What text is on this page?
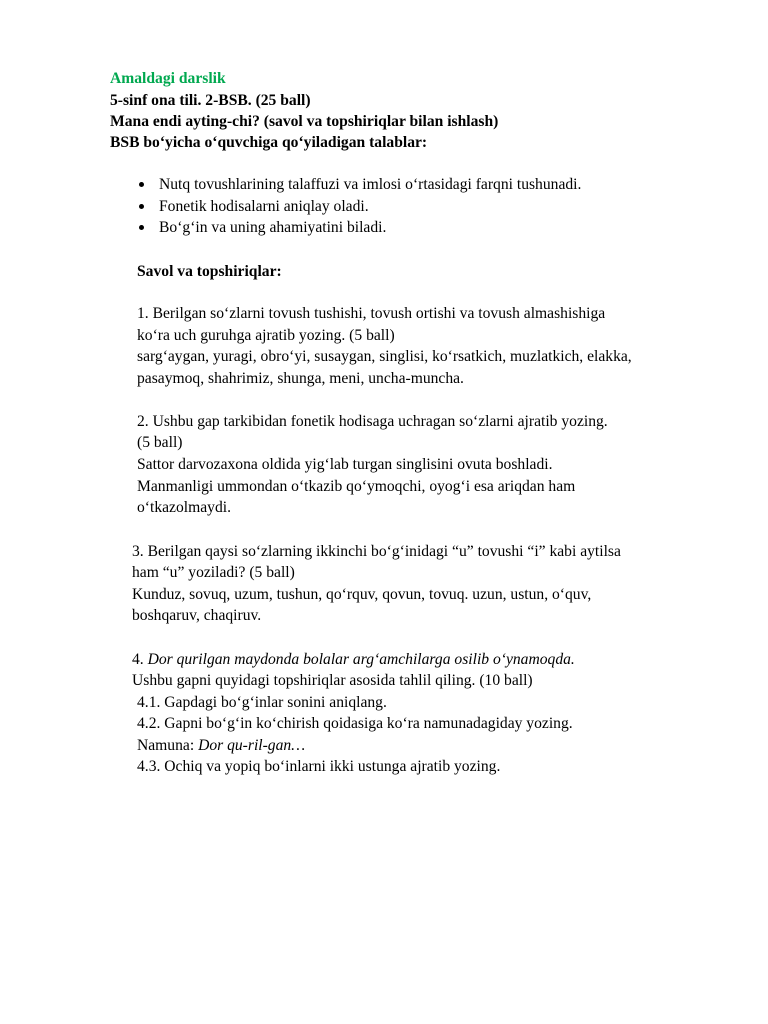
Amaldagi darslik

5-sinf ona tili. 2-BSB. (25 ball)

Mana endi ayting-chi? (savol va topshiriqlar bilan ishlash)

BSB bo‘yicha o‘quvchiga qo‘yiladigan talablar:

Nutq tovushlarining talaffuzi va imlosi o‘rtasidagi farqni tushunadi.

Fonetik hodisalarni aniqlay oladi.

Bo‘g‘in va uning ahamiyatini biladi.

Savol va topshiriqlar:

1. Berilgan so‘zlarni tovush tushishi, tovush ortishi va tovush almashishiga

ko‘ra uch guruhga ajratib yozing. (5 ball)

sarg‘aygan, yuragi, obro‘yi, susaygan, singlisi, ko‘rsatkich, muzlatkich, elakka,

pasaymoq, shahrimiz, shunga, meni, uncha-muncha.

2. Ushbu gap tarkibidan fonetik hodisaga uchragan so‘zlarni ajratib yozing.

(5 ball)

Sattor darvozaxona oldida yig‘lab turgan singlisini ovuta boshladi.

Manmanligi ummondan o‘tkazib qo‘ymoqchi, oyog‘i esa ariqdan ham

o‘tkazolmaydi.

3. Berilgan qaysi so‘zlarning ikkinchi bo‘g‘inidagi “u” tovushi “i” kabi aytilsa

ham “u” yoziladi? (5 ball)

Kunduz, sovuq, uzum, tushun, qo‘rquv, qovun, tovuq. uzun, ustun, o‘quv,

boshqaruv, chaqiruv.

4. Dor qurilgan maydonda bolalar arg‘amchilarga osilib o‘ynamoqda.

Ushbu gapni quyidagi topshiriqlar asosida tahlil qiling. (10 ball)

4.1. Gapdagi bo‘g‘inlar sonini aniqlang.

4.2. Gapni bo‘g‘in ko‘chirish qoidasiga ko‘ra namunadagiday yozing.

Namuna: Dor qu-ril-gan…

4.3. Ochiq va yopiq bo‘inlarni ikki ustunga ajratib yozing.
